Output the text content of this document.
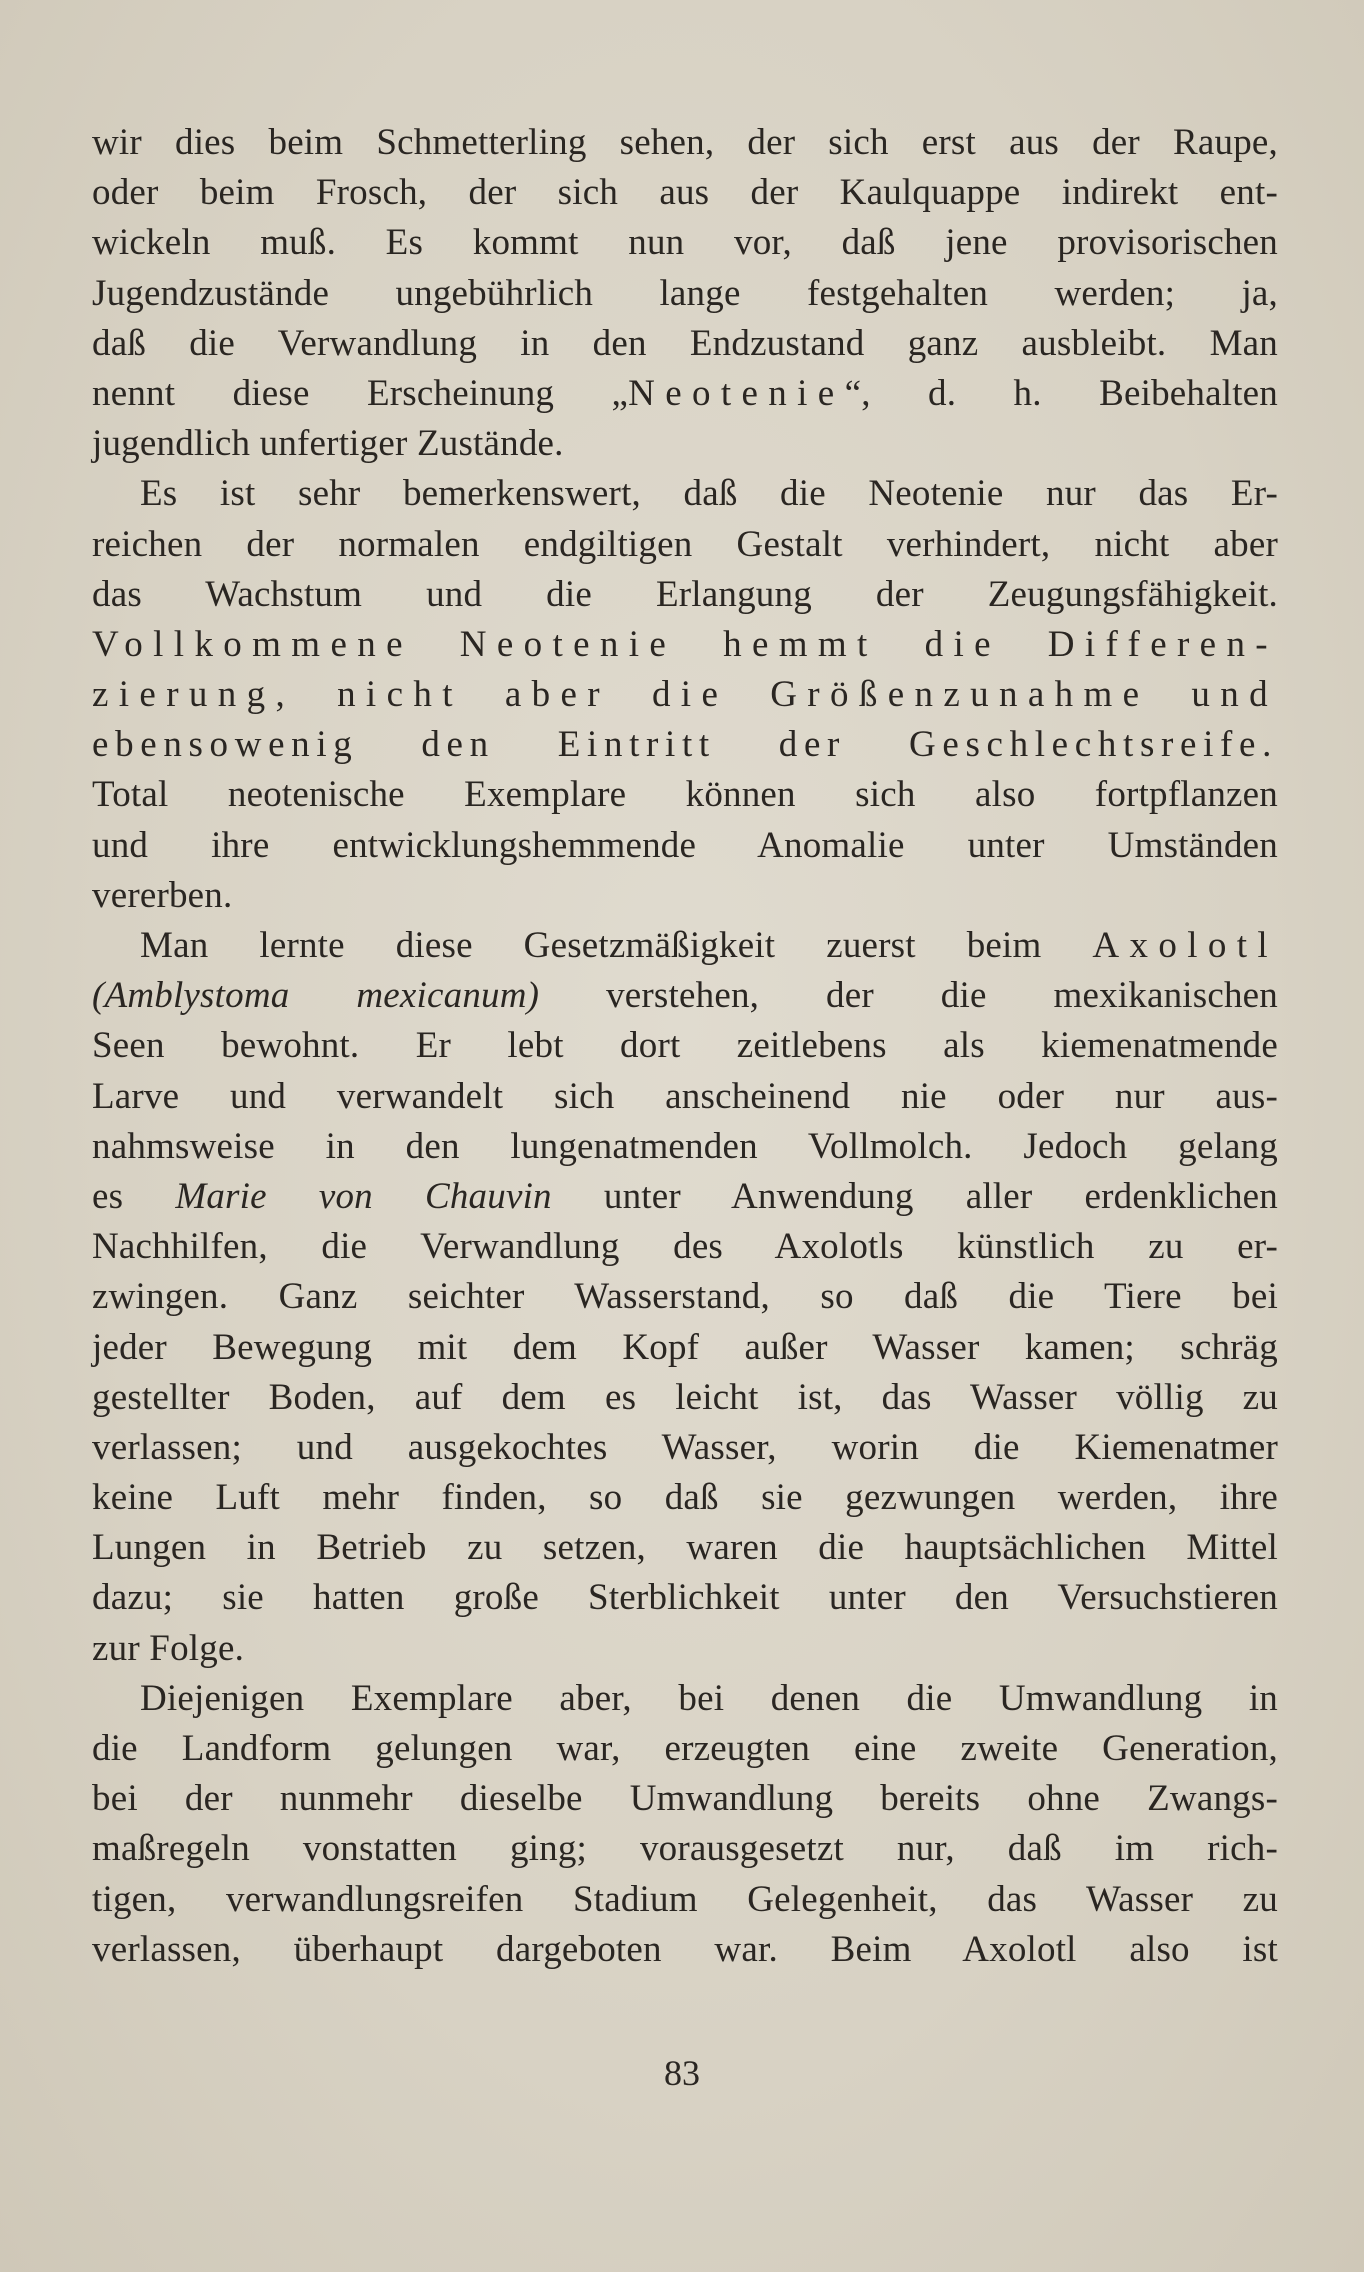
wir dies beim Schmetterling sehen, der sich erst aus der Raupe,
oder beim Frosch, der sich aus der Kaulquappe indirekt ent-
wickeln muß. Es kommt nun vor, daß jene provisorischen
Jugendzustände ungebührlich lange festgehalten werden; ja,
daß die Verwandlung in den Endzustand ganz ausbleibt. Man
nennt diese Erscheinung „Neotenie“, d. h. Beibehalten
jugendlich unfertiger Zustände.

Es ist sehr bemerkenswert, daß die Neotenie nur das Er-
reichen der normalen endgiltigen Gestalt verhindert, nicht aber
das Wachstum und die Erlangung der Zeugungsfähigkeit.
Vollkommene Neotenie hemmt die Differen-
zierung, nicht aber die Größenzunahme und
ebensowenig den Eintritt der Geschlechtsreife.
Total neotenische Exemplare können sich also fortpflanzen
und ihre entwicklungshemmende Anomalie unter Umständen
vererben.

Man lernte diese Gesetzmäßigkeit zuerst beim Axolotl
(Amblystoma mexicanum) verstehen, der die mexikanischen
Seen bewohnt. Er lebt dort zeitlebens als kiemenatmende
Larve und verwandelt sich anscheinend nie oder nur aus-
nahmsweise in den lungenatmenden Vollmolch. Jedoch gelang
es Marie von Chauvin unter Anwendung aller erdenklichen
Nachhilfen, die Verwandlung des Axolotls künstlich zu er-
zwingen. Ganz seichter Wasserstand, so daß die Tiere bei
jeder Bewegung mit dem Kopf außer Wasser kamen; schräg
gestellter Boden, auf dem es leicht ist, das Wasser völlig zu
verlassen; und ausgekochtes Wasser, worin die Kiemenatmer
keine Luft mehr finden, so daß sie gezwungen werden, ihre
Lungen in Betrieb zu setzen, waren die hauptsächlichen Mittel
dazu; sie hatten große Sterblichkeit unter den Versuchstieren
zur Folge.

Diejenigen Exemplare aber, bei denen die Umwandlung in
die Landform gelungen war, erzeugten eine zweite Generation,
bei der nunmehr dieselbe Umwandlung bereits ohne Zwangs-
maßregeln vonstatten ging; vorausgesetzt nur, daß im rich-
tigen, verwandlungsreifen Stadium Gelegenheit, das Wasser zu
verlassen, überhaupt dargeboten war. Beim Axolotl also ist

83
